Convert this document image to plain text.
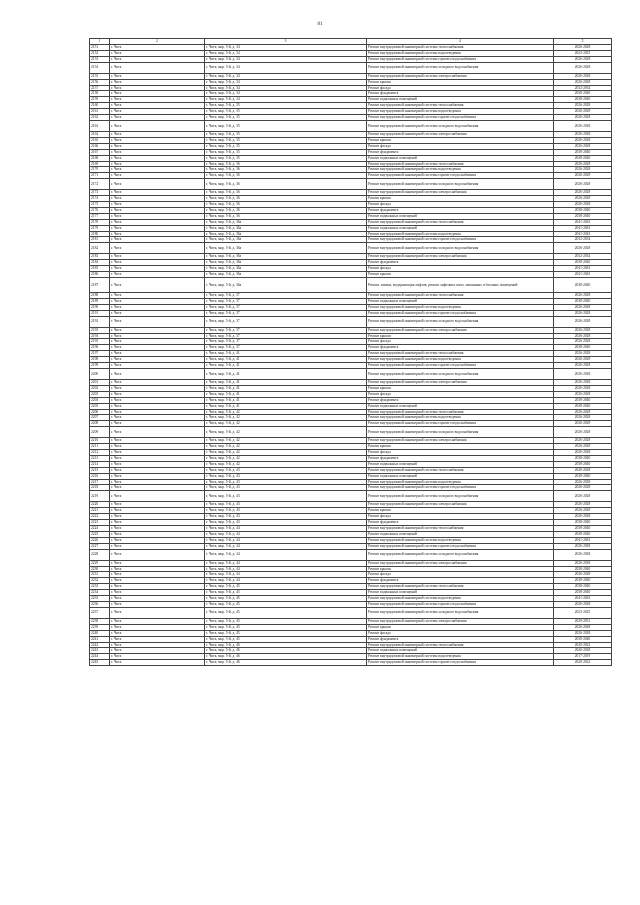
81
1	2	3	4	5
2151	г. Чита	г. Чита, мкр. 5-й, д. 34	Ремонт внутридомовой инженерной системы теплоснабжения	2026-2028
2152	г. Чита	г. Чита, мкр. 5-й, д. 34	Ремонт внутридомовой инженерной системы водоотведения	2023-2025
2153	г. Чита	г. Чита, мкр. 5-й, д. 34	Ремонт внутридомовой инженерной системы горячего водоснабжения	2026-2028
2154	г. Чита	г. Чита, мкр. 5-й, д. 34	Ремонт внутридомовой инженерной системы холодного водоснабжения	2026-2028
2155	г. Чита	г. Чита, мкр. 5-й, д. 34	Ремонт внутридомовой инженерной системы электроснабжения	2026-2028
2156	г. Чита	г. Чита, мкр. 5-й, д. 34	Ремонт крыши	2026-2028
2157	г. Чита	г. Чита, мкр. 5-й, д. 34	Ремонт фасада	2032-2034
2158	г. Чита	г. Чита, мкр. 5-й, д. 34	Ремонт фундамента	2038-2040
2159	г. Чита	г. Чита, мкр. 5-й, д. 34	Ремонт подвальных помещений	2038-2040
2160	г. Чита	г. Чита, мкр. 5-й, д. 35	Ремонт внутридомовой инженерной системы теплоснабжения	2026-2028
2161	г. Чита	г. Чита, мкр. 5-й, д. 35	Ремонт внутридомовой инженерной системы водоотведения	2026-2028
2162	г. Чита	г. Чита, мкр. 5-й, д. 35	Ремонт внутридомовой инженерной системы горячего водоснабжения	2026-2028
2163	г. Чита	г. Чита, мкр. 5-й, д. 35	Ремонт внутридомовой инженерной системы холодного водоснабжения	2026-2028
2164	г. Чита	г. Чита, мкр. 5-й, д. 35	Ремонт внутридомовой инженерной системы электроснабжения	2026-2028
2165	г. Чита	г. Чита, мкр. 5-й, д. 35	Ремонт крыши	2026-2028
2166	г. Чита	г. Чита, мкр. 5-й, д. 35	Ремонт фасада	2026-2028
2167	г. Чита	г. Чита, мкр. 5-й, д. 35	Ремонт фундамента	2038-2040
2168	г. Чита	г. Чита, мкр. 5-й, д. 35	Ремонт подвальных помещений	2038-2040
2169	г. Чита	г. Чита, мкр. 5-й, д. 36	Ремонт внутридомовой инженерной системы теплоснабжения	2026-2028
2170	г. Чита	г. Чита, мкр. 5-й, д. 36	Ремонт внутридомовой инженерной системы водоотведения	2026-2028
2171	г. Чита	г. Чита, мкр. 5-й, д. 36	Ремонт внутридомовой инженерной системы горячего водоснабжения	2026-2028
2172	г. Чита	г. Чита, мкр. 5-й, д. 36	Ремонт внутридомовой инженерной системы холодного водоснабжения	2026-2028
2173	г. Чита	г. Чита, мкр. 5-й, д. 36	Ремонт внутридомовой инженерной системы электроснабжения	2026-2028
2174	г. Чита	г. Чита, мкр. 5-й, д. 36	Ремонт крыши	2026-2028
2175	г. Чита	г. Чита, мкр. 5-й, д. 36	Ремонт фасада	2026-2028
2176	г. Чита	г. Чита, мкр. 5-й, д. 36	Ремонт фундамента	2038-2040
2177	г. Чита	г. Чита, мкр. 5-й, д. 36	Ремонт подвальных помещений	2038-2040
2178	г. Чита	г. Чита, мкр. 5-й, д. 36а	Ремонт внутридомовой инженерной системы теплоснабжения	2041-2043
2179	г. Чита	г. Чита, мкр. 5-й, д. 36а	Ремонт подвальных помещений	2041-2043
2180	г. Чита	г. Чита, мкр. 5-й, д. 36а	Ремонт внутридомовой инженерной системы водоотведения	2041-2043
2181	г. Чита	г. Чита, мкр. 5-й, д. 36а	Ремонт внутридомовой инженерной системы горячего водоснабжения	2032-2034
2182	г. Чита	г. Чита, мкр. 5-й, д. 36а	Ремонт внутридомовой инженерной системы холодного водоснабжения	2026-2028
2183	г. Чита	г. Чита, мкр. 5-й, д. 36а	Ремонт внутридомовой инженерной системы электроснабжения	2032-2034
2184	г. Чита	г. Чита, мкр. 5-й, д. 36а	Ремонт фундамента	2038-2040
2185	г. Чита	г. Чита, мкр. 5-й, д. 36а	Ремонт фасада	2041-2043
2186	г. Чита	г. Чита, мкр. 5-й, д. 36а	Ремонт крыши	2041-2043
2187	г. Чита	г. Чита, мкр. 5-й, д. 36а	Ремонт, замена, модернизация лифтов, ремонт лифтовых шахт, машинных и блочных помещений	2038-2040
2188	г. Чита	г. Чита, мкр. 5-й, д. 37	Ремонт внутридомовой инженерной системы теплоснабжения	2026-2028
2189	г. Чита	г. Чита, мкр. 5-й, д. 37	Ремонт подвальных помещений	2038-2040
2190	г. Чита	г. Чита, мкр. 5-й, д. 37	Ремонт внутридомовой инженерной системы водоотведения	2026-2028
2191	г. Чита	г. Чита, мкр. 5-й, д. 37	Ремонт внутридомовой инженерной системы горячего водоснабжения	2026-2028
2192	г. Чита	г. Чита, мкр. 5-й, д. 37	Ремонт внутридомовой инженерной системы холодного водоснабжения	2026-2028
2193	г. Чита	г. Чита, мкр. 5-й, д. 37	Ремонт внутридомовой инженерной системы электроснабжения	2026-2028
2194	г. Чита	г. Чита, мкр. 5-й, д. 37	Ремонт крыши	2026-2028
2195	г. Чита	г. Чита, мкр. 5-й, д. 37	Ремонт фасада	2026-2028
2196	г. Чита	г. Чита, мкр. 5-й, д. 37	Ремонт фундамента	2038-2040
2197	г. Чита	г. Чита, мкр. 5-й, д. 41	Ремонт внутридомовой инженерной системы теплоснабжения	2026-2028
2198	г. Чита	г. Чита, мкр. 5-й, д. 41	Ремонт внутридомовой инженерной системы водоотведения	2026-2028
2199	г. Чита	г. Чита, мкр. 5-й, д. 41	Ремонт внутридомовой инженерной системы горячего водоснабжения	2026-2028
2200	г. Чита	г. Чита, мкр. 5-й, д. 41	Ремонт внутридомовой инженерной системы холодного водоснабжения	2026-2028
2201	г. Чита	г. Чита, мкр. 5-й, д. 41	Ремонт внутридомовой инженерной системы электроснабжения	2026-2028
2202	г. Чита	г. Чита, мкр. 5-й, д. 41	Ремонт крыши	2026-2028
2203	г. Чита	г. Чита, мкр. 5-й, д. 41	Ремонт фасада	2026-2028
2204	г. Чита	г. Чита, мкр. 5-й, д. 41	Ремонт фундамента	2038-2040
2205	г. Чита	г. Чита, мкр. 5-й, д. 41	Ремонт подвальных помещений	2038-2040
2206	г. Чита	г. Чита, мкр. 5-й, д. 42	Ремонт внутридомовой инженерной системы теплоснабжения	2026-2028
2207	г. Чита	г. Чита, мкр. 5-й, д. 42	Ремонт внутридомовой инженерной системы водоотведения	2026-2028
2208	г. Чита	г. Чита, мкр. 5-й, д. 42	Ремонт внутридомовой инженерной системы горячего водоснабжения	2026-2028
2209	г. Чита	г. Чита, мкр. 5-й, д. 42	Ремонт внутридомовой инженерной системы холодного водоснабжения	2026-2028
2210	г. Чита	г. Чита, мкр. 5-й, д. 42	Ремонт внутридомовой инженерной системы электроснабжения	2026-2028
2211	г. Чита	г. Чита, мкр. 5-й, д. 42	Ремонт крыши	2026-2028
2212	г. Чита	г. Чита, мкр. 5-й, д. 42	Ремонт фасада	2026-2028
2213	г. Чита	г. Чита, мкр. 5-й, д. 42	Ремонт фундамента	2038-2040
2214	г. Чита	г. Чита, мкр. 5-й, д. 42	Ремонт подвальных помещений	2038-2040
2215	г. Чита	г. Чита, мкр. 5-й, д. 43	Ремонт внутридомовой инженерной системы теплоснабжения	2026-2028
2216	г. Чита	г. Чита, мкр. 5-й, д. 43	Ремонт подвальных помещений	2038-2040
2217	г. Чита	г. Чита, мкр. 5-й, д. 43	Ремонт внутридомовой инженерной системы водоотведения	2026-2028
2218	г. Чита	г. Чита, мкр. 5-й, д. 43	Ремонт внутридомовой инженерной системы горячего водоснабжения	2026-2028
2219	г. Чита	г. Чита, мкр. 5-й, д. 43	Ремонт внутридомовой инженерной системы холодного водоснабжения	2026-2028
2220	г. Чита	г. Чита, мкр. 5-й, д. 43	Ремонт внутридомовой инженерной системы электроснабжения	2026-2028
2221	г. Чита	г. Чита, мкр. 5-й, д. 43	Ремонт крыши	2026-2028
2222	г. Чита	г. Чита, мкр. 5-й, д. 43	Ремонт фасада	2026-2028
2223	г. Чита	г. Чита, мкр. 5-й, д. 43	Ремонт фундамента	2038-2040
2224	г. Чита	г. Чита, мкр. 5-й, д. 44	Ремонт внутридомовой инженерной системы теплоснабжения	2038-2040
2225	г. Чита	г. Чита, мкр. 5-й, д. 44	Ремонт подвальных помещений	2038-2040
2226	г. Чита	г. Чита, мкр. 5-й, д. 44	Ремонт внутридомовой инженерной системы водоотведения	2041-2043
2227	г. Чита	г. Чита, мкр. 5-й, д. 44	Ремонт внутридомовой инженерной системы горячего водоснабжения	2026-2028
2228	г. Чита	г. Чита, мкр. 5-й, д. 44	Ремонт внутридомовой инженерной системы холодного водоснабжения	2026-2028
2229	г. Чита	г. Чита, мкр. 5-й, д. 44	Ремонт внутридомовой инженерной системы электроснабжения	2026-2028
2230	г. Чита	г. Чита, мкр. 5-й, д. 44	Ремонт крыши	2038-2040
2231	г. Чита	г. Чита, мкр. 5-й, д. 44	Ремонт фасада	2026-2028
2232	г. Чита	г. Чита, мкр. 5-й, д. 44	Ремонт фундамента	2038-2040
2233	г. Чита	г. Чита, мкр. 5-й, д. 45	Ремонт внутридомовой инженерной системы теплоснабжения	2038-2040
2234	г. Чита	г. Чита, мкр. 5-й, д. 45	Ремонт подвальных помещений	2038-2040
2235	г. Чита	г. Чита, мкр. 5-й, д. 45	Ремонт внутридомовой инженерной системы водоотведения	2041-2043
2236	г. Чита	г. Чита, мкр. 5-й, д. 45	Ремонт внутридомовой инженерной системы горячего водоснабжения	2026-2028
2237	г. Чита	г. Чита, мкр. 5-й, д. 45	Ремонт внутридомовой инженерной системы холодного водоснабжения	2023-2025
2238	г. Чита	г. Чита, мкр. 5-й, д. 45	Ремонт внутридомовой инженерной системы электроснабжения	2029-2031
2239	г. Чита	г. Чита, мкр. 5-й, д. 45	Ремонт крыши	2026-2028
2240	г. Чита	г. Чита, мкр. 5-й, д. 45	Ремонт фасада	2026-2028
2241	г. Чита	г. Чита, мкр. 5-й, д. 45	Ремонт фундамента	2038-2040
2242	г. Чита	г. Чита, мкр. 5-й, д. 46	Ремонт внутридомовой инженерной системы теплоснабжения	2020-2022
2243	г. Чита	г. Чита, мкр. 5-й, д. 46	Ремонт подвальных помещений	2026-2028
2244	г. Чита	г. Чита, мкр. 5-й, д. 46	Ремонт внутридомовой инженерной системы водоотведения	2017-2019
2245	г. Чита	г. Чита, мкр. 5-й, д. 46	Ремонт внутридомовой инженерной системы горячего водоснабжения	2020-2022
